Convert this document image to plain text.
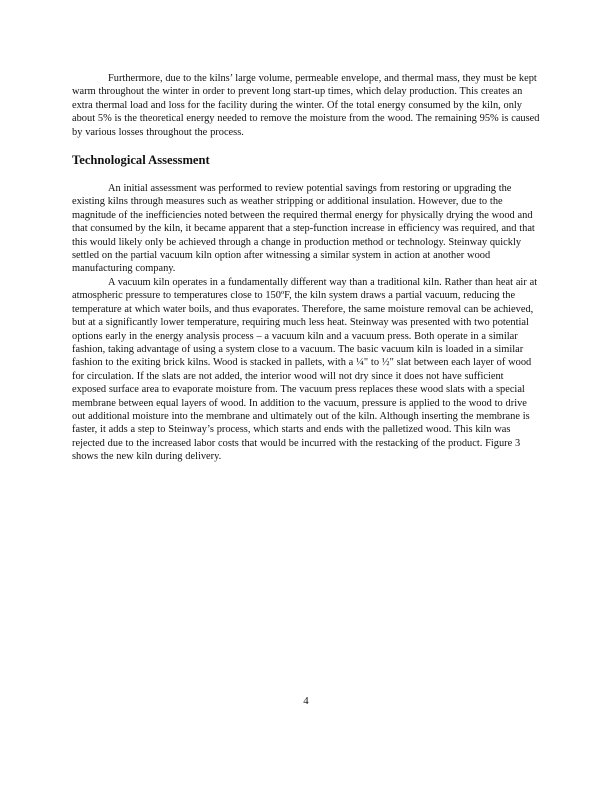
Furthermore, due to the kilns’ large volume, permeable envelope, and thermal mass, they must be kept warm throughout the winter in order to prevent long start-up times, which delay production. This creates an extra thermal load and loss for the facility during the winter. Of the total energy consumed by the kiln, only about 5% is the theoretical energy needed to remove the moisture from the wood. The remaining 95% is caused by various losses throughout the process.

Technological Assessment

An initial assessment was performed to review potential savings from restoring or upgrading the existing kilns through measures such as weather stripping or additional insulation. However, due to the magnitude of the inefficiencies noted between the required thermal energy for physically drying the wood and that consumed by the kiln, it became apparent that a step-function increase in efficiency was required, and that this would likely only be achieved through a change in production method or technology. Steinway quickly settled on the partial vacuum kiln option after witnessing a similar system in action at another wood manufacturing company.

A vacuum kiln operates in a fundamentally different way than a traditional kiln. Rather than heat air at atmospheric pressure to temperatures close to 150ºF, the kiln system draws a partial vacuum, reducing the temperature at which water boils, and thus evaporates. Therefore, the same moisture removal can be achieved, but at a significantly lower temperature, requiring much less heat. Steinway was presented with two potential options early in the energy analysis process – a vacuum kiln and a vacuum press. Both operate in a similar fashion, taking advantage of using a system close to a vacuum. The basic vacuum kiln is loaded in a similar fashion to the exiting brick kilns. Wood is stacked in pallets, with a ¼" to ½" slat between each layer of wood for circulation. If the slats are not added, the interior wood will not dry since it does not have sufficient exposed surface area to evaporate moisture from. The vacuum press replaces these wood slats with a special membrane between equal layers of wood. In addition to the vacuum, pressure is applied to the wood to drive out additional moisture into the membrane and ultimately out of the kiln. Although inserting the membrane is faster, it adds a step to Steinway’s process, which starts and ends with the palletized wood. This kiln was rejected due to the increased labor costs that would be incurred with the restacking of the product. Figure 3 shows the new kiln during delivery.

4
